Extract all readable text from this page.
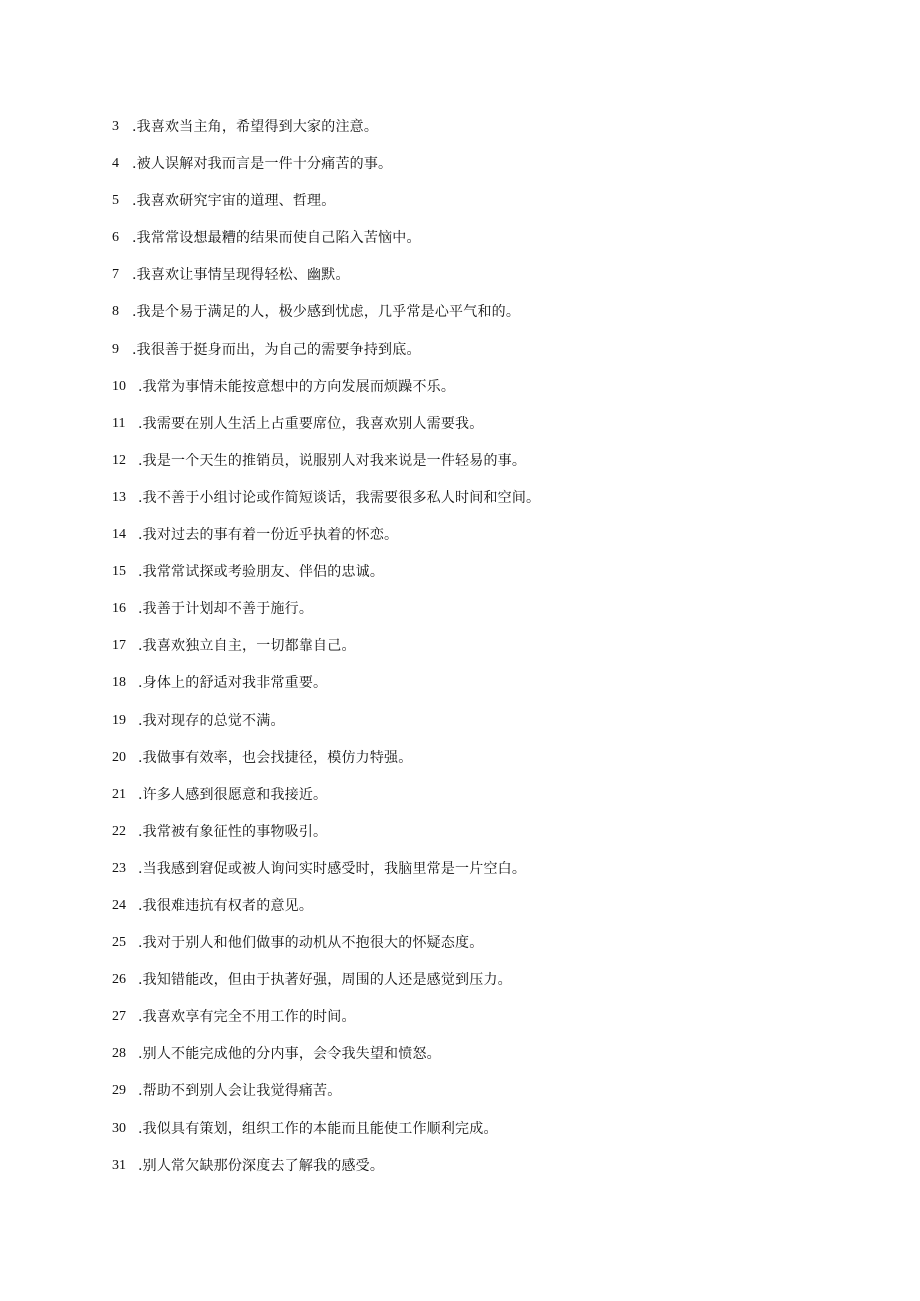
3 .我喜欢当主角，希望得到大家的注意。
4 .被人误解对我而言是一件十分痛苦的事。
5 .我喜欢研究宇宙的道理、哲理。
6 .我常常设想最糟的结果而使自己陷入苦恼中。
7 .我喜欢让事情呈现得轻松、幽默。
8 .我是个易于满足的人，极少感到忧虑，几乎常是心平气和的。
9 .我很善于挺身而出，为自己的需要争持到底。
10 .我常为事情未能按意想中的方向发展而烦躁不乐。
11 .我需要在别人生活上占重要席位，我喜欢别人需要我。
12 .我是一个天生的推销员，说服别人对我来说是一件轻易的事。
13 .我不善于小组讨论或作简短谈话，我需要很多私人时间和空间。
14 .我对过去的事有着一份近乎执着的怀恋。
15 .我常常试探或考验朋友、伴侣的忠诚。
16 .我善于计划却不善于施行。
17 .我喜欢独立自主，一切都靠自己。
18 .身体上的舒适对我非常重要。
19 .我对现存的总觉不满。
20 .我做事有效率，也会找捷径，模仿力特强。
21 .许多人感到很愿意和我接近。
22 .我常被有象征性的事物吸引。
23 .当我感到窘促或被人询问实时感受时，我脑里常是一片空白。
24 .我很难违抗有权者的意见。
25 .我对于别人和他们做事的动机从不抱很大的怀疑态度。
26 .我知错能改，但由于执著好强，周围的人还是感觉到压力。
27 .我喜欢享有完全不用工作的时间。
28 .别人不能完成他的分内事，会令我失望和愤怒。
29 .帮助不到别人会让我觉得痛苦。
30 .我似具有策划，组织工作的本能而且能使工作顺利完成。
31 .别人常欠缺那份深度去了解我的感受。
